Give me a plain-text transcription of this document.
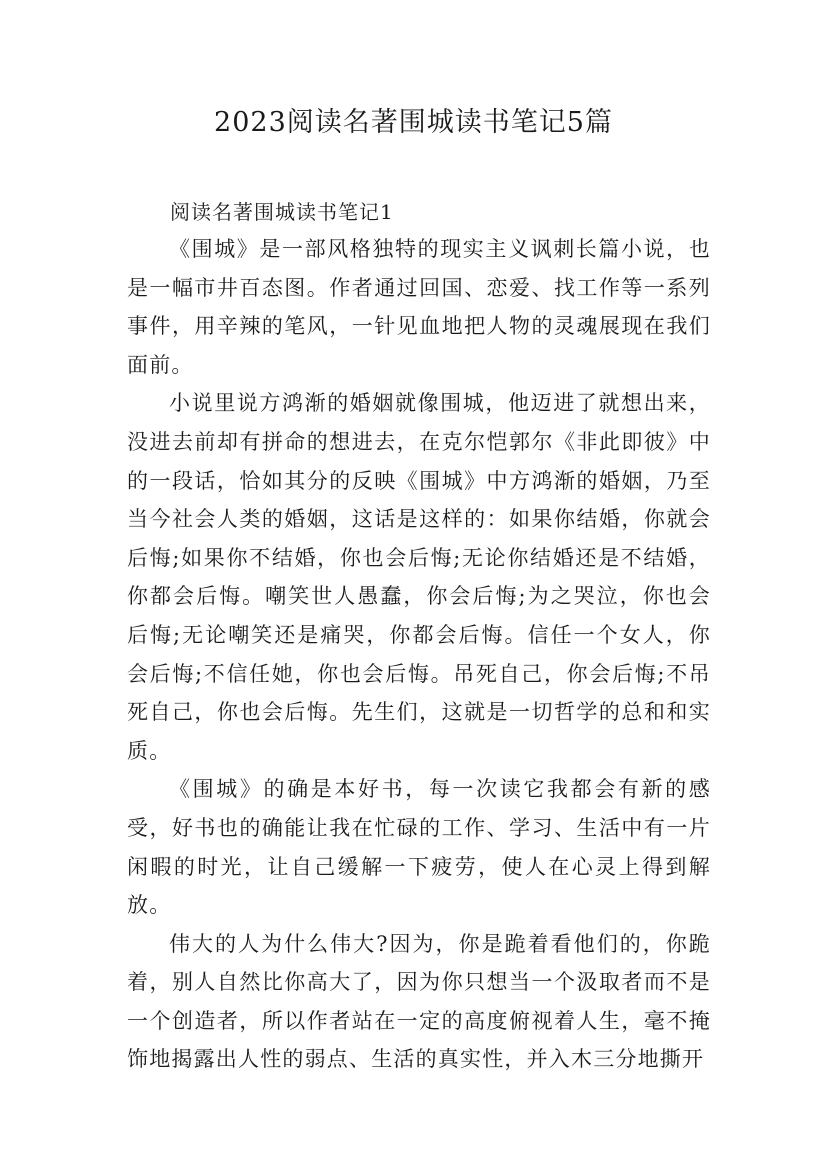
2023阅读名著围城读书笔记5篇
阅读名著围城读书笔记1

《围城》是一部风格独特的现实主义讽刺长篇小说，也是一幅市井百态图。作者通过回国、恋爱、找工作等一系列事件，用辛辣的笔风，一针见血地把人物的灵魂展现在我们面前。

小说里说方鸿渐的婚姻就像围城，他迈进了就想出来，没进去前却有拼命的想进去，在克尔恺郭尔《非此即彼》中的一段话，恰如其分的反映《围城》中方鸿渐的婚姻，乃至当今社会人类的婚姻，这话是这样的：如果你结婚，你就会后悔;如果你不结婚，你也会后悔;无论你结婚还是不结婚，你都会后悔。嘲笑世人愚蠢，你会后悔;为之哭泣，你也会后悔;无论嘲笑还是痛哭，你都会后悔。信任一个女人，你会后悔;不信任她，你也会后悔。吊死自己，你会后悔;不吊死自己，你也会后悔。先生们，这就是一切哲学的总和和实质。

《围城》的确是本好书，每一次读它我都会有新的感受，好书也的确能让我在忙碌的工作、学习、生活中有一片闲暇的时光，让自己缓解一下疲劳，使人在心灵上得到解放。

伟大的人为什么伟大?因为，你是跪着看他们的，你跪着，别人自然比你高大了，因为你只想当一个汲取者而不是一个创造者，所以作者站在一定的高度俯视着人生，毫不掩饰地揭露出人性的弱点、生活的真实性，并入木三分地撕开
